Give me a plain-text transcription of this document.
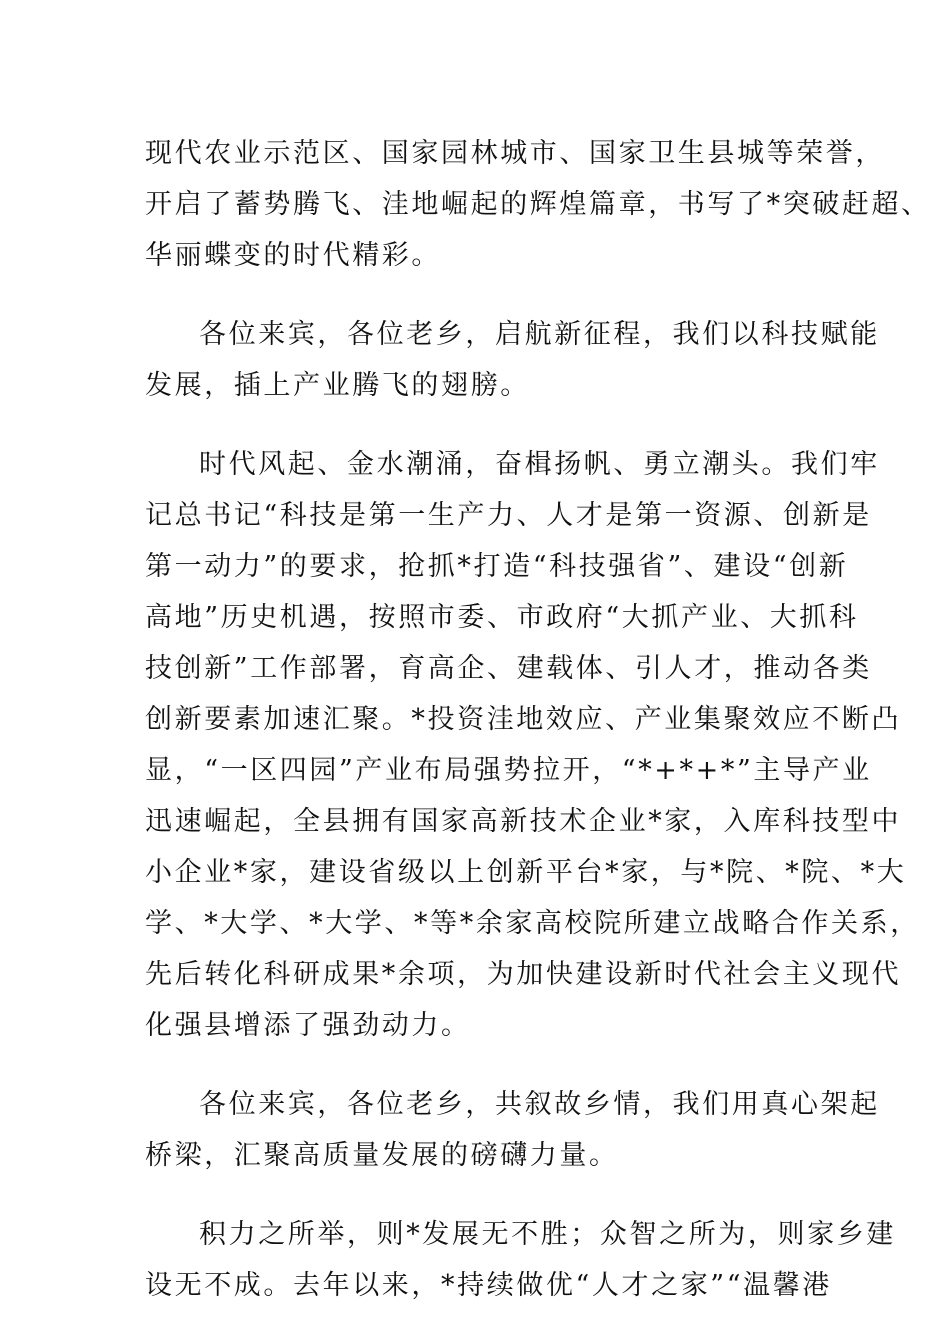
现代农业示范区、国家园林城市、国家卫生县城等荣誉，
开启了蓄势腾飞、洼地崛起的辉煌篇章，书写了*突破赶超、
华丽蝶变的时代精彩。
各位来宾，各位老乡，启航新征程，我们以科技赋能
发展，插上产业腾飞的翅膀。
时代风起、金水潮涌，奋楫扬帆、勇立潮头。我们牢
记总书记“科技是第一生产力、人才是第一资源、创新是
第一动力”的要求，抢抓*打造“科技强省”、建设“创新
高地”历史机遇，按照市委、市政府“大抓产业、大抓科
技创新”工作部署，育高企、建载体、引人才，推动各类
创新要素加速汇聚。*投资洼地效应、产业集聚效应不断凸
显，“一区四园”产业布局强势拉开，“*+*+*”主导产业
迅速崛起，全县拥有国家高新技术企业*家，入库科技型中
小企业*家，建设省级以上创新平台*家，与*院、*院、*大
学、*大学、*大学、*等*余家高校院所建立战略合作关系，
先后转化科研成果*余项，为加快建设新时代社会主义现代
化强县增添了强劲动力。
各位来宾，各位老乡，共叙故乡情，我们用真心架起
桥梁，汇聚高质量发展的磅礴力量。
积力之所举，则*发展无不胜；众智之所为，则家乡建
设无不成。去年以来，*持续做优“人才之家”“温馨港
